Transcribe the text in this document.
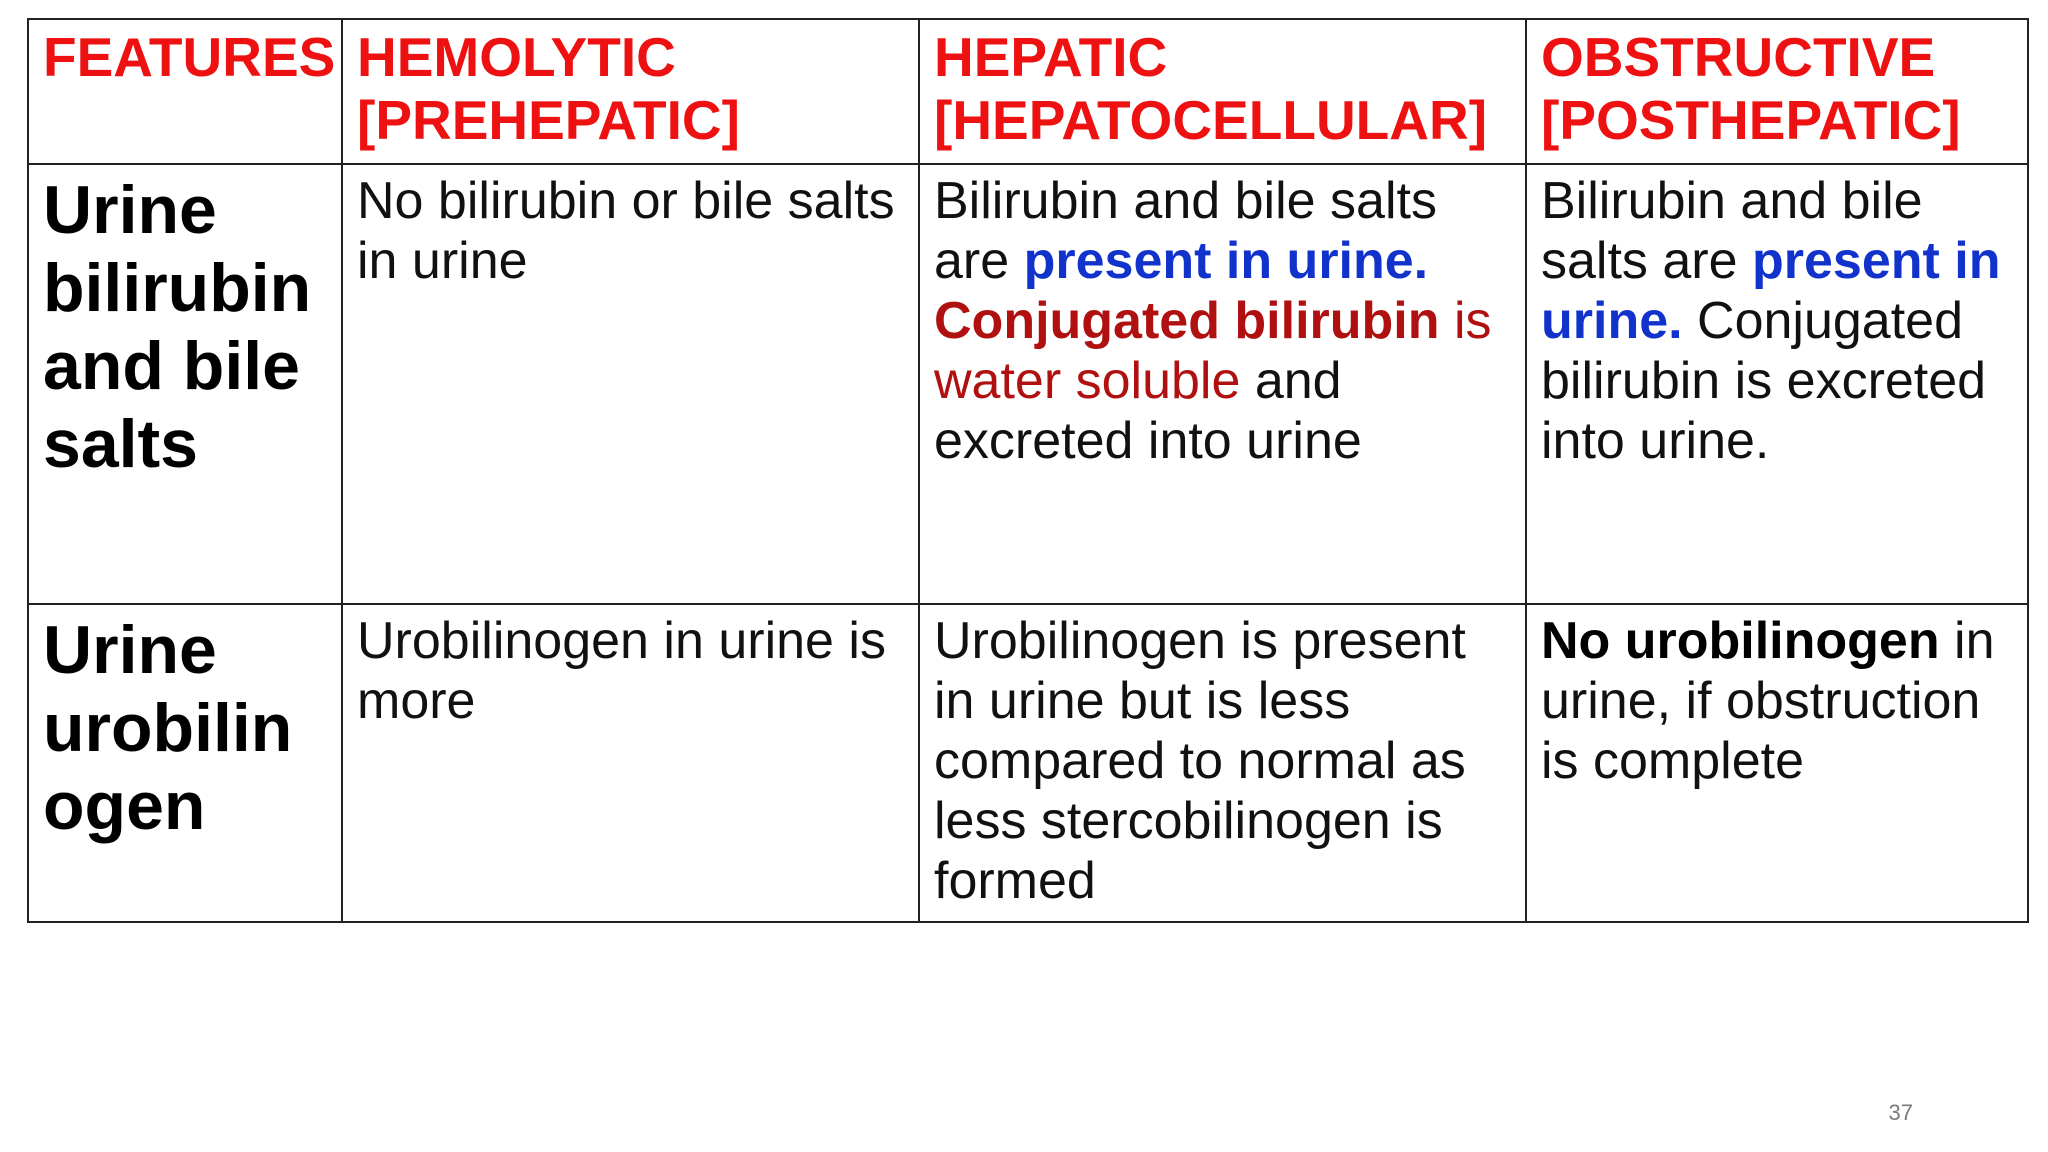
FEATURES	HEMOLYTIC [PREHEPATIC]	HEPATIC [HEPATOCELLULAR]	OBSTRUCTIVE [POSTHEPATIC]
Urine bilirubin and bile salts	No bilirubin or bile salts in urine	Bilirubin and bile salts are present in urine. Conjugated bilirubin is water soluble and excreted into urine	Bilirubin and bile salts are present in urine. Conjugated bilirubin is excreted into urine.
Urine urobilin ogen	Urobilinogen in urine is more	Urobilinogen is present in urine but is less compared to normal as less stercobilinogen is formed	No urobilinogen in urine, if obstruction is complete
37
